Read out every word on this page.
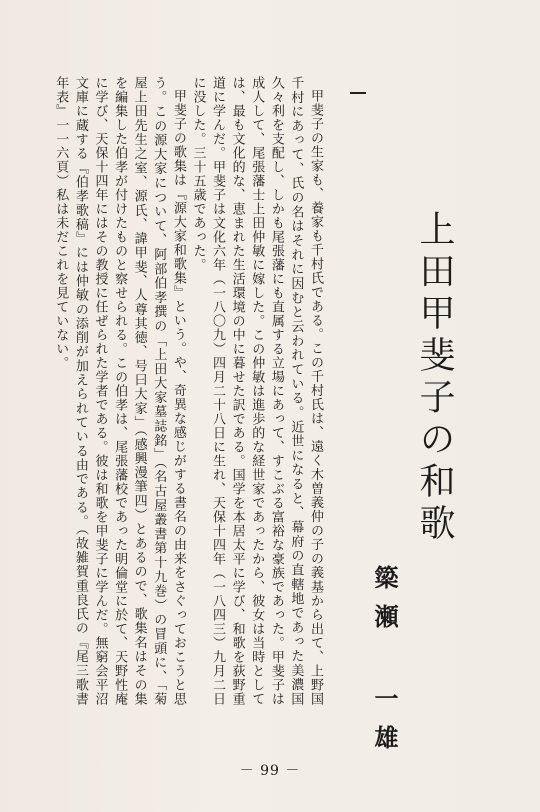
上田甲斐子の和歌
簗瀬 一雄

甲斐子の生家も、養家も千村氏である。この千村氏は、遠く木曽義仲の子の義基から出て、上野国千村にあって、氏の名はそれに因むと云われている。近世になると、幕府の直轄地であった美濃国久々利を支配し、しかも尾張藩にも直属する立場にあって、すこぶる富裕な豪族であった。甲斐子は成人して、尾張藩士上田仲敏に嫁した。この仲敏は進歩的な経世家であったから、彼女は当時としては、最も文化的な、恵まれた生活環境の中に暮せた訳である。国学を本居太平に学び、和歌を荻野重道に学んだ。甲斐子は文化六年（一八〇九）四月二十八日に生れ、天保十四年（一八四三）九月二日に没した。三十五歳であった。

甲斐子の歌集は『源大家和歌集』という。や、奇異な感じがする書名の由来をさぐっておこうと思う。この源大家について、阿部伯孝撰の「上田大家墓誌銘」（名古屋叢書第十九巻）の冒頭に、「菊屋上田先生之室、源氏、諱甲斐、人尊其徳、号曰大家」（感興漫筆四）とあるので、歌集名はその集を編集した伯孝が付けたものと察せられる。この伯孝は、尾張藩校であった明倫堂に於て、天野性庵に学び、天保十四年にはその教授に任ぜられた学者である。彼は和歌を甲斐子に学んだ。無窮会平沼文庫に蔵する『伯孝歌稿』には仲敏の添削が加えられている由である。（故雑賀重良氏の『尾三歌書年表』一一六頁）私は未だこれを見ていない。

－ 99 －
